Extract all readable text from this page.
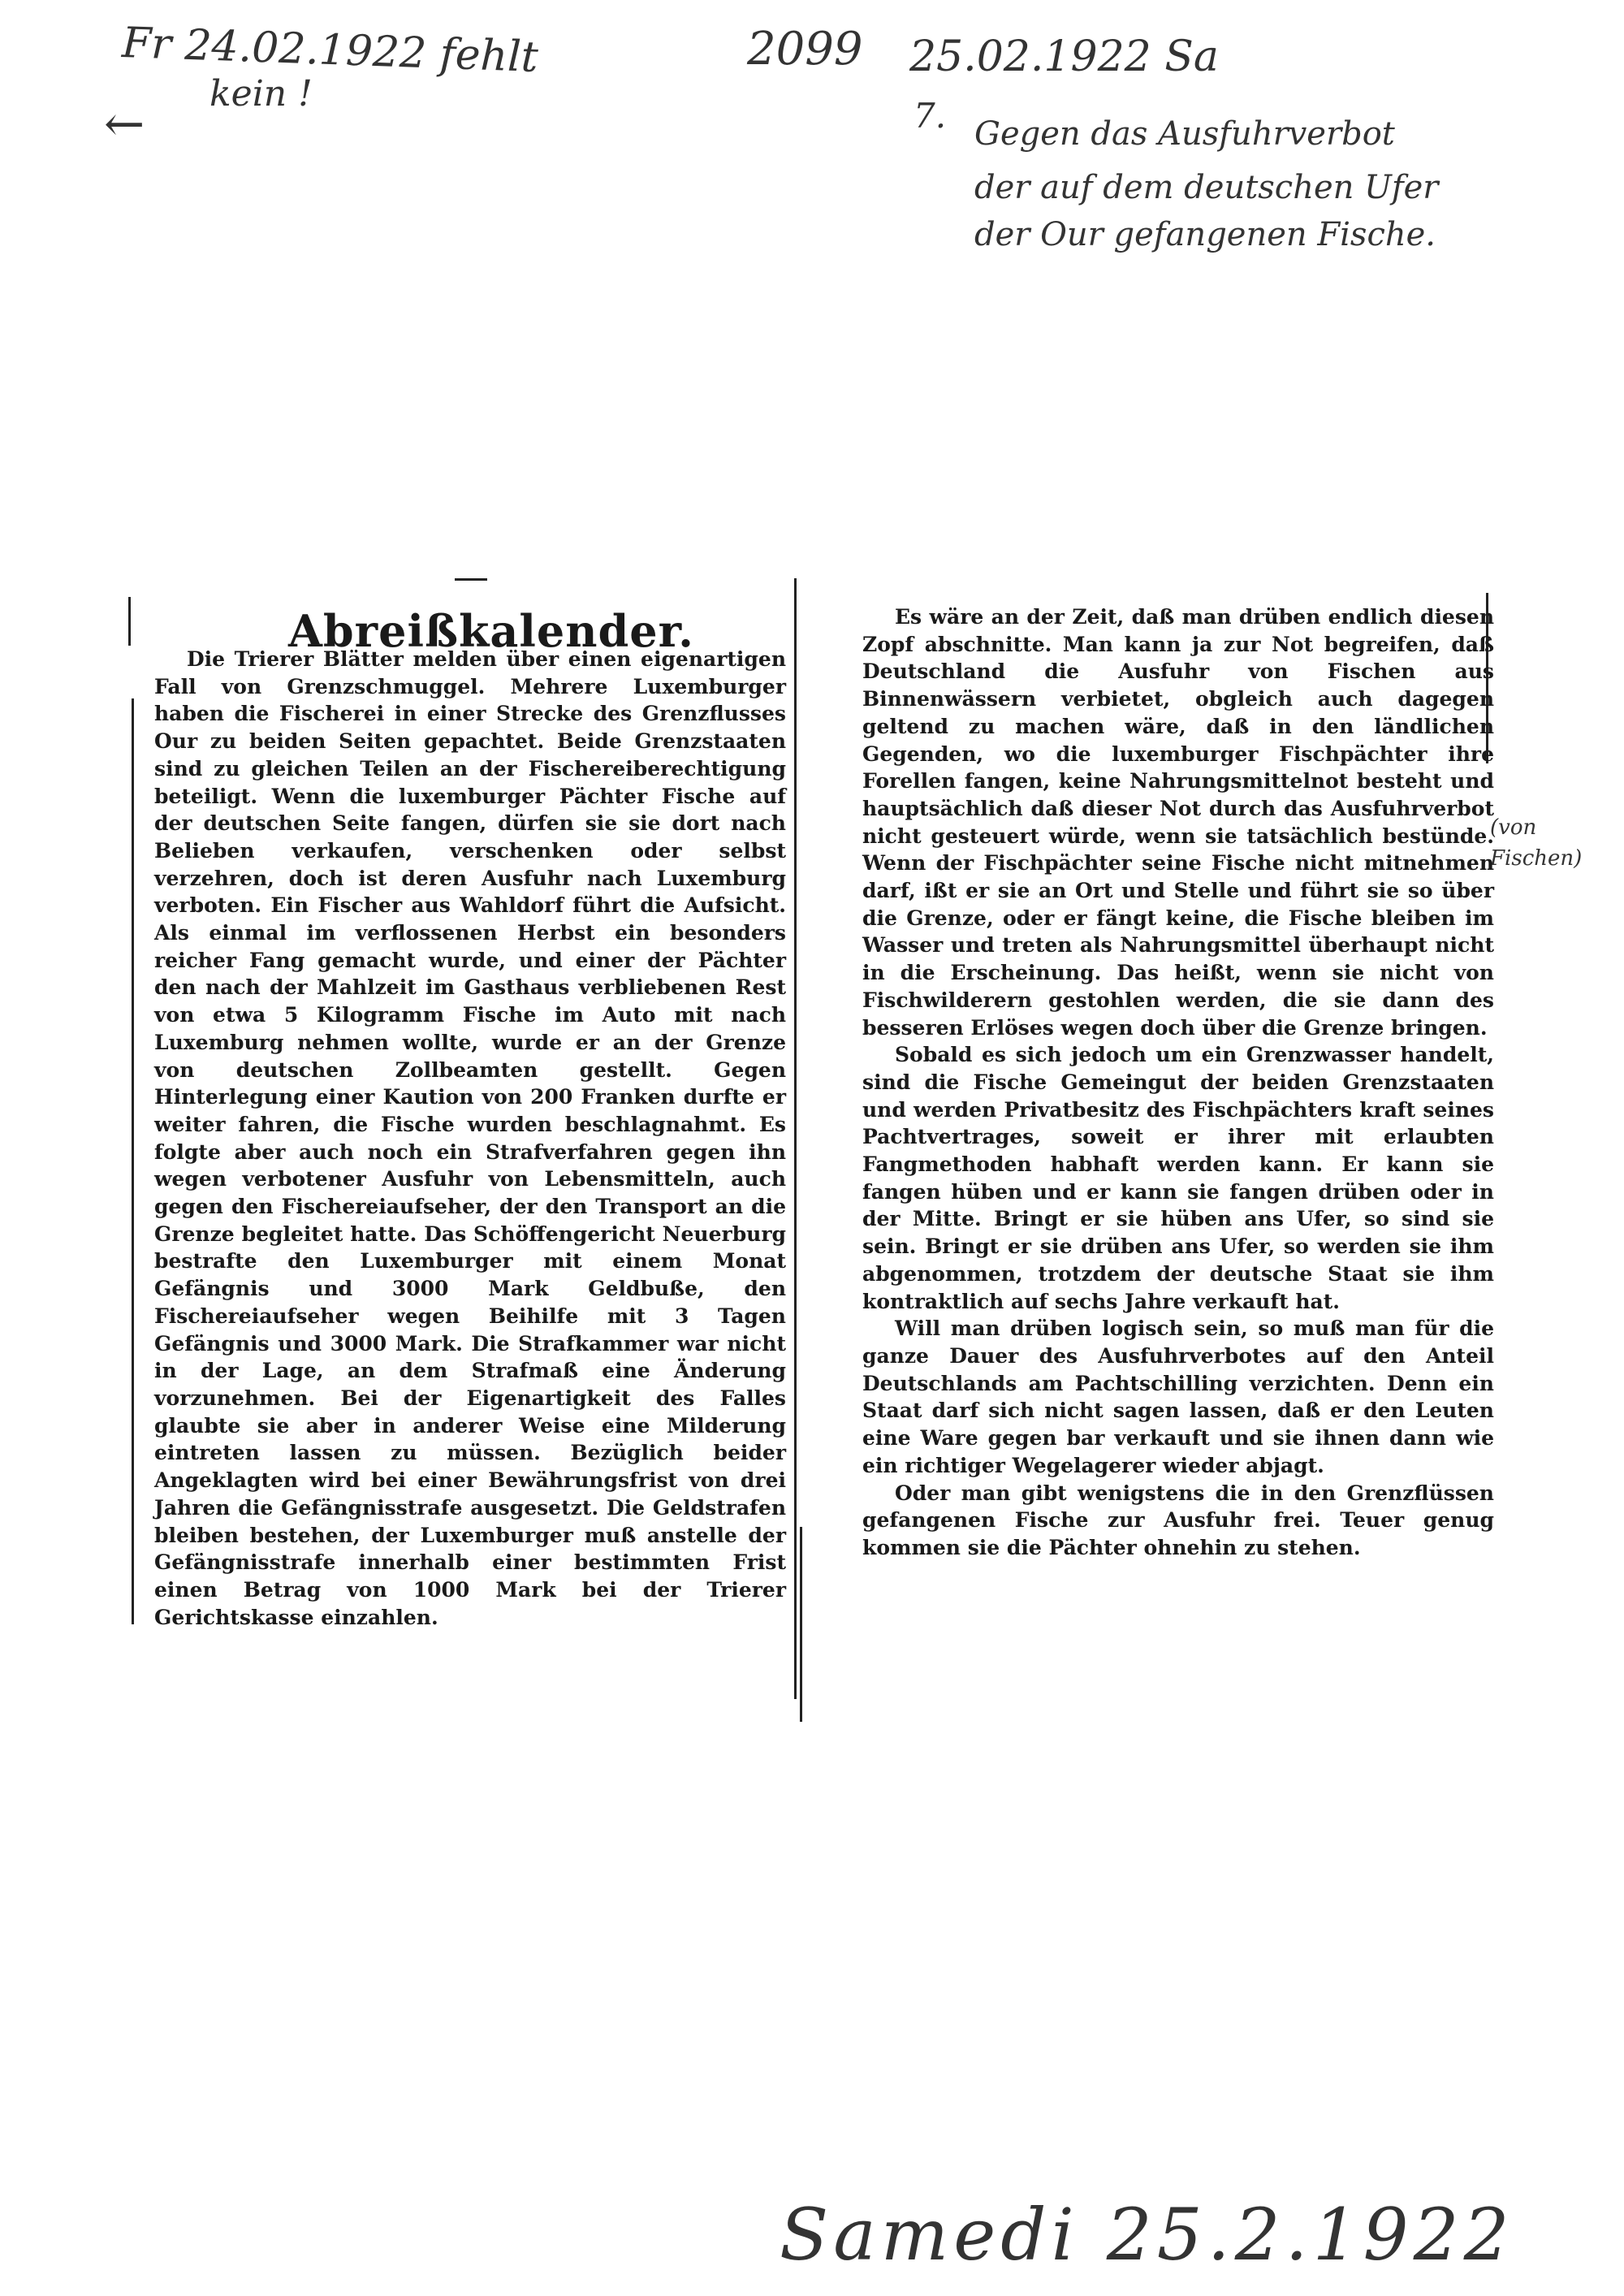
Fr 24.02.1922 fehlt
kein !
←
2099 25.02.1922 Sa
7. Gegen das Ausfuhrverbot
der auf dem deutschen Ufer
der Our gefangenen Fische.
(von Fischen)
Samedi 25.2.1922
Abreißkalender.

Die Trierer Blätter melden über einen eigenartigen Fall von Grenzschmuggel. Mehrere Luxemburger haben die Fischerei in einer Strecke des Grenzflusses Our zu beiden Seiten gepachtet. Beide Grenzstaaten sind zu gleichen Teilen an der Fischereiberechtigung beteiligt. Wenn die luxemburger Pächter Fische auf der deutschen Seite fangen, dürfen sie sie dort nach Belieben verkaufen, verschenken oder selbst verzehren, doch ist deren Ausfuhr nach Luxemburg verboten. Ein Fischer aus Wahldorf führt die Aufsicht. Als einmal im verflossenen Herbst ein besonders reicher Fang gemacht wurde, und einer der Pächter den nach der Mahlzeit im Gasthaus verbliebenen Rest von etwa 5 Kilogramm Fische im Auto mit nach Luxemburg nehmen wollte, wurde er an der Grenze von deutschen Zollbeamten gestellt. Gegen Hinterlegung einer Kaution von 200 Franken durfte er weiter fahren, die Fische wurden beschlagnahmt. Es folgte aber auch noch ein Strafverfahren gegen ihn wegen verbotener Ausfuhr von Lebensmitteln, auch gegen den Fischereiaufseher, der den Transport an die Grenze begleitet hatte. Das Schöffengericht Neuerburg bestrafte den Luxemburger mit einem Monat Gefängnis und 3000 Mark Geldbuße, den Fischereiaufseher wegen Beihilfe mit 3 Tagen Gefängnis und 3000 Mark. Die Strafkammer war nicht in der Lage, an dem Strafmaß eine Änderung vorzunehmen. Bei der Eigenartigkeit des Falles glaubte sie aber in anderer Weise eine Milderung eintreten lassen zu müssen. Bezüglich beider Angeklagten wird bei einer Bewährungsfrist von drei Jahren die Gefängnisstrafe ausgesetzt. Die Geldstrafen bleiben bestehen, der Luxemburger muß anstelle der Gefängnisstrafe innerhalb einer bestimmten Frist einen Betrag von 1000 Mark bei der Trierer Gerichtskasse einzahlen.

Es wäre an der Zeit, daß man drüben endlich diesen Zopf abschnitte. Man kann ja zur Not begreifen, daß Deutschland die Ausfuhr von Fischen aus Binnenwässern verbietet, obgleich auch dagegen geltend zu machen wäre, daß in den ländlichen Gegenden, wo die luxemburger Fischpächter ihre Forellen fangen, keine Nahrungsmittelnot besteht und hauptsächlich daß dieser Not durch das Ausfuhrverbot nicht gesteuert würde, wenn sie tatsächlich bestünde. Wenn der Fischpächter seine Fische nicht mitnehmen darf, ißt er sie an Ort und Stelle und führt sie so über die Grenze, oder er fängt keine, die Fische bleiben im Wasser und treten als Nahrungsmittel überhaupt nicht in die Erscheinung. Das heißt, wenn sie nicht von Fischwilderern gestohlen werden, die sie dann des besseren Erlöses wegen doch über die Grenze bringen.

Sobald es sich jedoch um ein Grenzwasser handelt, sind die Fische Gemeingut der beiden Grenzstaaten und werden Privatbesitz des Fischpächters kraft seines Pachtvertrages, soweit er ihrer mit erlaubten Fangmethoden habhaft werden kann. Er kann sie fangen hüben und er kann sie fangen drüben oder in der Mitte. Bringt er sie hüben ans Ufer, so sind sie sein. Bringt er sie drüben ans Ufer, so werden sie ihm abgenommen, trotzdem der deutsche Staat sie ihm kontraktlich auf sechs Jahre verkauft hat.

Will man drüben logisch sein, so muß man für die ganze Dauer des Ausfuhrverbotes auf den Anteil Deutschlands am Pachtschilling verzichten. Denn ein Staat darf sich nicht sagen lassen, daß er den Leuten eine Ware gegen bar verkauft und sie ihnen dann wie ein richtiger Wegelagerer wieder abjagt.

Oder man gibt wenigstens die in den Grenzflüssen gefangenen Fische zur Ausfuhr frei. Teuer genug kommen sie die Pächter ohnehin zu stehen.
